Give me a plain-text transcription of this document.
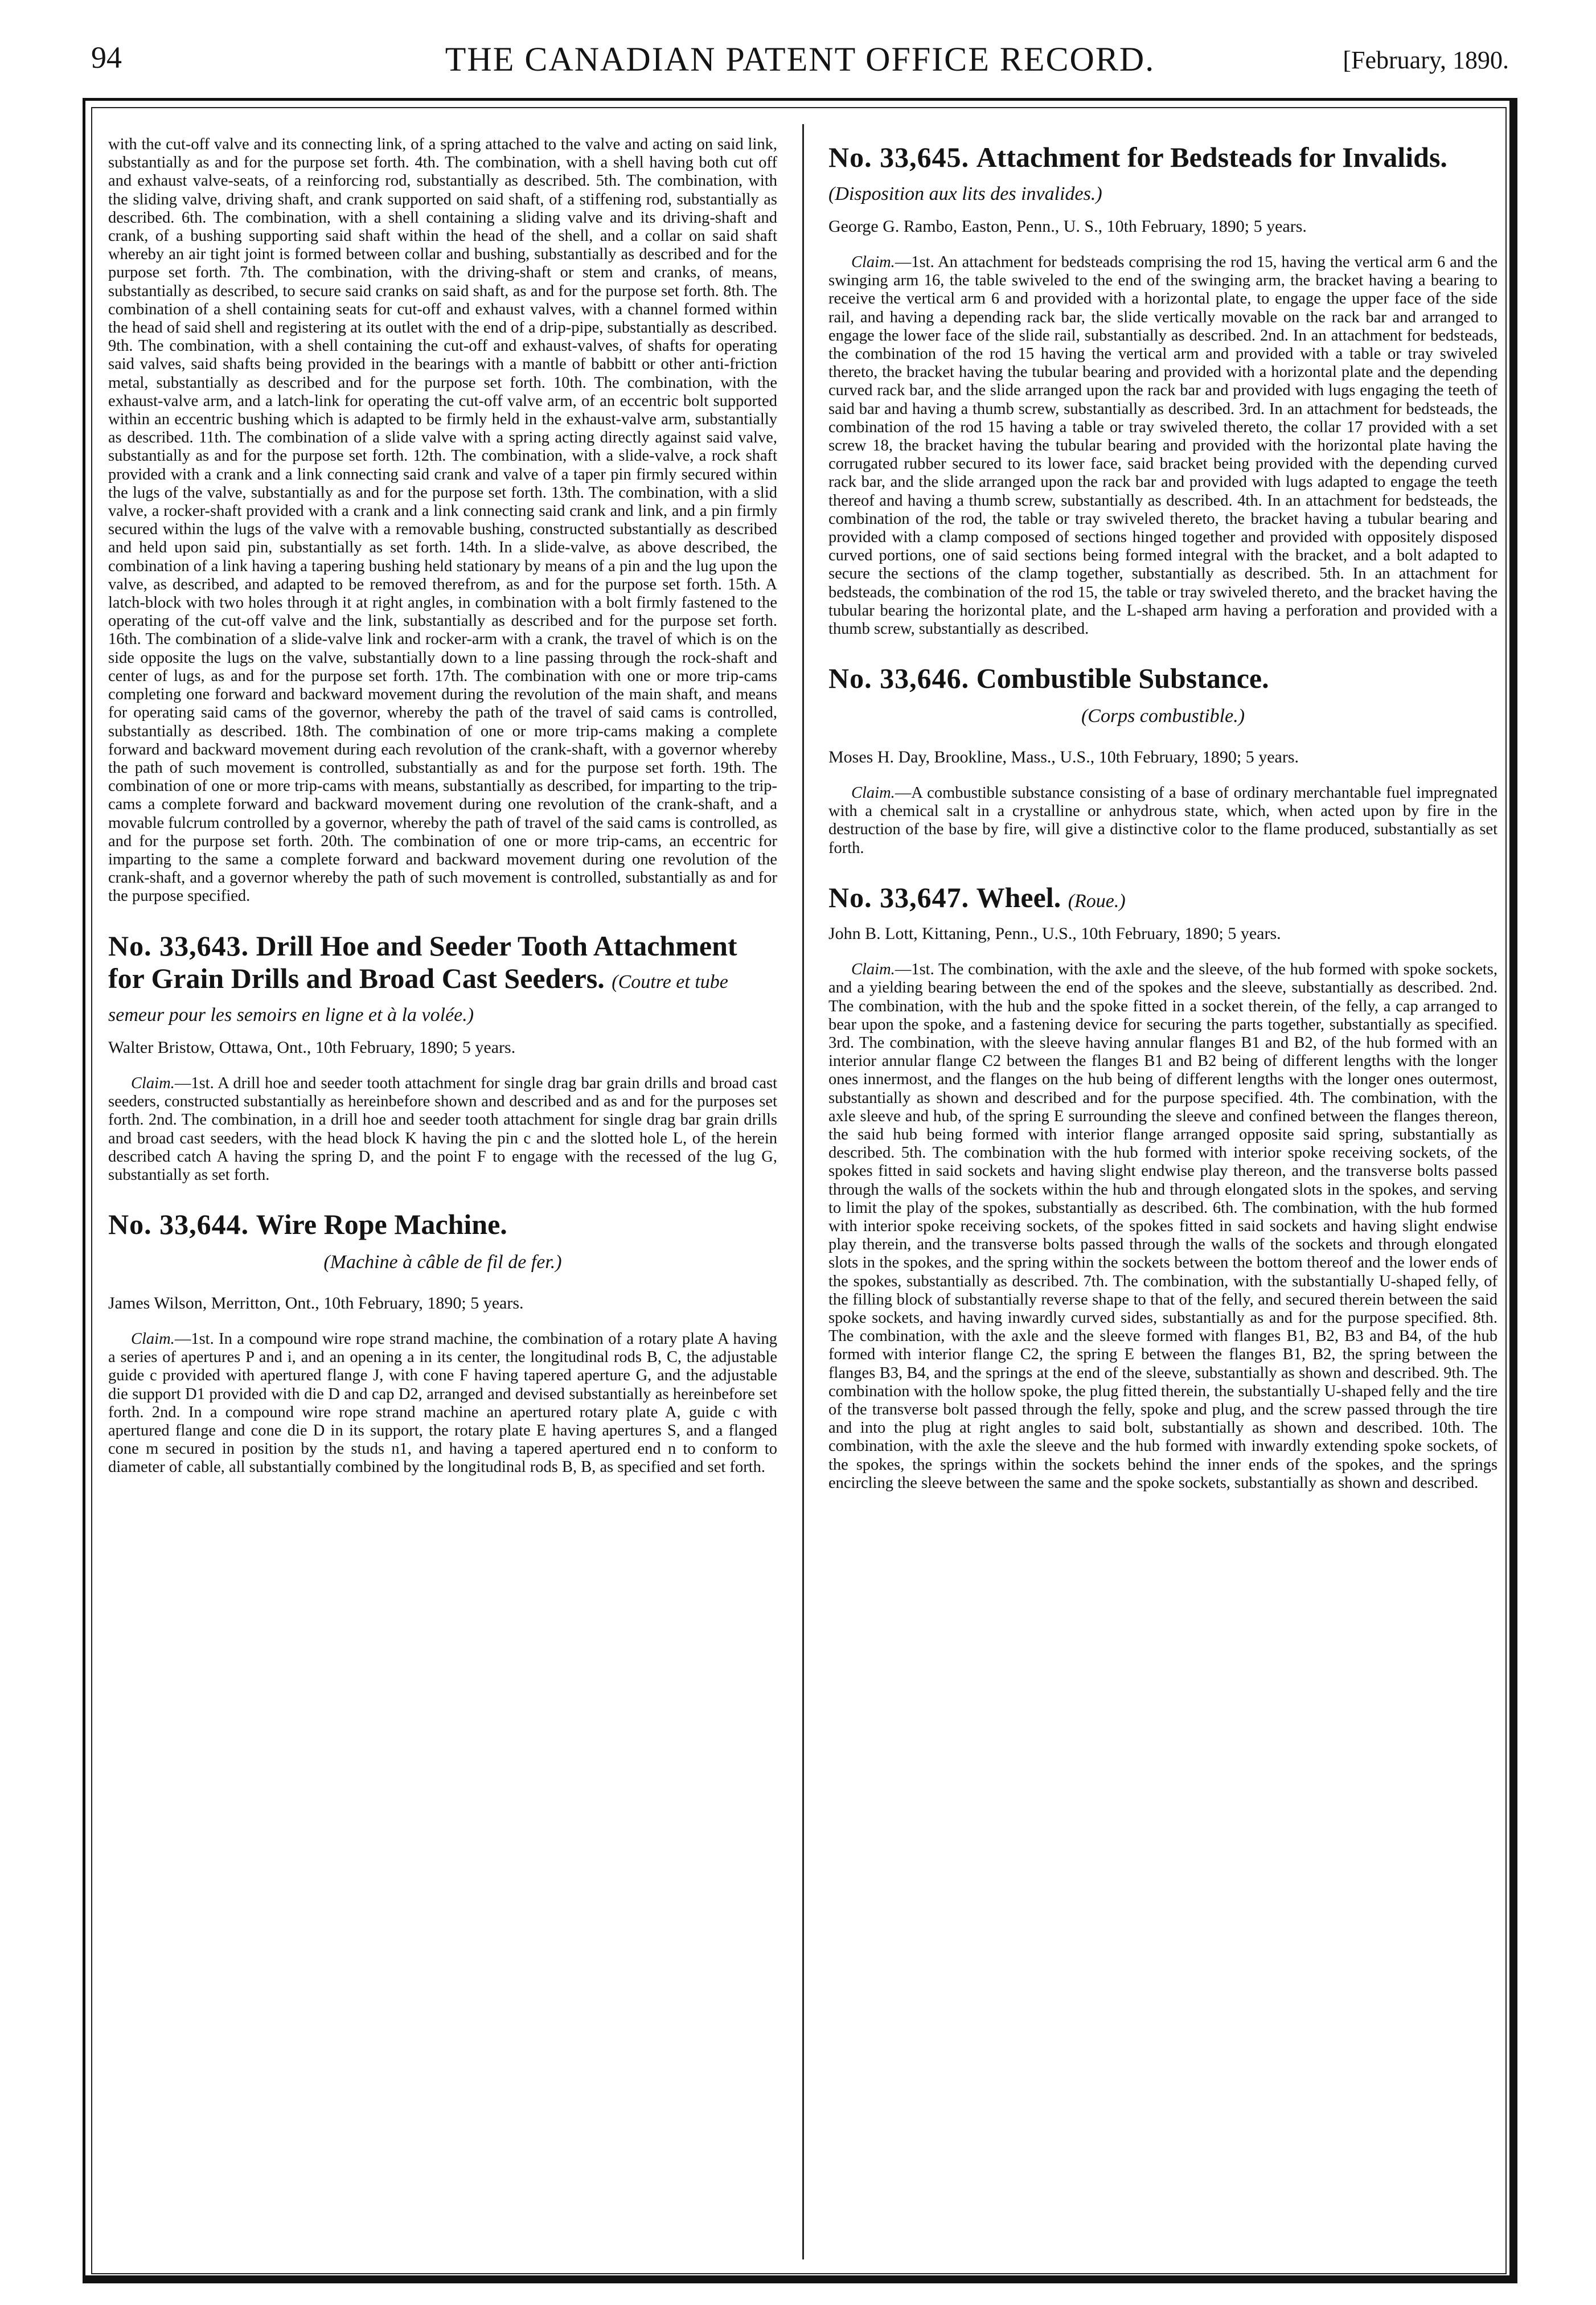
94	THE CANADIAN PATENT OFFICE RECORD.	[February, 1890.

with the cut-off valve and its connecting link, of a spring attached to the valve and acting on said link, substantially as and for the purpose set forth. 4th. The combination, with a shell having both cut off and exhaust valve-seats, of a reinforcing rod, substantially as described. 5th. The combination, with the sliding valve, driving shaft, and crank supported on said shaft, of a stiffening rod, substantially as described. 6th. The combination, with a shell containing a sliding valve and its driving-shaft and crank, of a bushing supporting said shaft within the head of the shell, and a collar on said shaft whereby an air tight joint is formed between collar and bushing, substantially as described and for the purpose set forth. 7th. The combination, with the driving-shaft or stem and cranks, of means, substantially as described, to secure said cranks on said shaft, as and for the purpose set forth. 8th. The combination of a shell containing seats for cut-off and exhaust valves, with a channel formed within the head of said shell and registering at its outlet with the end of a drip-pipe, substantially as described. 9th. The combination, with a shell containing the cut-off and exhaust-valves, of shafts for operating said valves, said shafts being provided in the bearings with a mantle of babbitt or other anti-friction metal, substantially as described and for the purpose set forth. 10th. The combination, with the exhaust-valve arm, and a latch-link for operating the cut-off valve arm, of an eccentric bolt supported within an eccentric bushing which is adapted to be firmly held in the exhaust-valve arm, substantially as described. 11th. The combination of a slide valve with a spring acting directly against said valve, substantially as and for the purpose set forth. 12th. The combination, with a slide-valve, a rock shaft provided with a crank and a link connecting said crank and valve of a taper pin firmly secured within the lugs of the valve, substantially as and for the purpose set forth. 13th. The combination, with a slid valve, a rocker-shaft provided with a crank and a link connecting said crank and link, and a pin firmly secured within the lugs of the valve with a removable bushing, constructed substantially as described and held upon said pin, substantially as set forth. 14th. In a slide-valve, as above described, the combination of a link having a tapering bushing held stationary by means of a pin and the lug upon the valve, as described, and adapted to be removed therefrom, as and for the purpose set forth. 15th. A latch-block with two holes through it at right angles, in combination with a bolt firmly fastened to the operating of the cut-off valve and the link, substantially as described and for the purpose set forth. 16th. The combination of a slide-valve link and rocker-arm with a crank, the travel of which is on the side opposite the lugs on the valve, substantially down to a line passing through the rock-shaft and center of lugs, as and for the purpose set forth. 17th. The combination with one or more trip-cams completing one forward and backward movement during the revolution of the main shaft, and means for operating said cams of the governor, whereby the path of the travel of said cams is controlled, substantially as described. 18th. The combination of one or more trip-cams making a complete forward and backward movement during each revolution of the crank-shaft, with a governor whereby the path of such movement is controlled, substantially as and for the purpose set forth. 19th. The combination of one or more trip-cams with means, substantially as described, for imparting to the trip-cams a complete forward and backward movement during one revolution of the crank-shaft, and a movable fulcrum controlled by a governor, whereby the path of travel of the said cams is controlled, as and for the purpose set forth. 20th. The combination of one or more trip-cams, an eccentric for imparting to the same a complete forward and backward movement during one revolution of the crank-shaft, and a governor whereby the path of such movement is controlled, substantially as and for the purpose specified.

No. 33,643. Drill Hoe and Seeder Tooth Attachment for Grain Drills and Broad Cast Seeders. (Coutre et tube semeur pour les semoirs en ligne et à la volée.)

Walter Bristow, Ottawa, Ont., 10th February, 1890; 5 years.

Claim.—1st. A drill hoe and seeder tooth attachment for single drag bar grain drills and broad cast seeders, constructed substantially as hereinbefore shown and described and as and for the purposes set forth. 2nd. The combination, in a drill hoe and seeder tooth attachment for single drag bar grain drills and broad cast seeders, with the head block K having the pin c and the slotted hole L, of the herein described catch A having the spring D, and the point F to engage with the recessed of the lug G, substantially as set forth.

No. 33,644. Wire Rope Machine.

(Machine à câble de fil de fer.)

James Wilson, Merritton, Ont., 10th February, 1890; 5 years.

Claim.—1st. In a compound wire rope strand machine, the combination of a rotary plate A having a series of apertures P and i, and an opening a in its center, the longitudinal rods B, C, the adjustable guide c provided with apertured flange J, with cone F having tapered aperture G, and the adjustable die support D1 provided with die D and cap D2, arranged and devised substantially as hereinbefore set forth. 2nd. In a compound wire rope strand machine an apertured rotary plate A, guide c with apertured flange and cone die D in its support, the rotary plate E having apertures S, and a flanged cone m secured in position by the studs n1, and having a tapered apertured end n to conform to diameter of cable, all substantially combined by the longitudinal rods B, B, as specified and set forth.

No. 33,645. Attachment for Bedsteads for Invalids. (Disposition aux lits des invalides.)

George G. Rambo, Easton, Penn., U. S., 10th February, 1890; 5 years.

Claim.—1st. An attachment for bedsteads comprising the rod 15, having the vertical arm 6 and the swinging arm 16, the table swiveled to the end of the swinging arm, the bracket having a bearing to receive the vertical arm 6 and provided with a horizontal plate, to engage the upper face of the side rail, and having a depending rack bar, the slide vertically movable on the rack bar and arranged to engage the lower face of the slide rail, substantially as described. 2nd. In an attachment for bedsteads, the combination of the rod 15 having the vertical arm and provided with a table or tray swiveled thereto, the bracket having the tubular bearing and provided with a horizontal plate and the depending curved rack bar, and the slide arranged upon the rack bar and provided with lugs engaging the teeth of said bar and having a thumb screw, substantially as described. 3rd. In an attachment for bedsteads, the combination of the rod 15 having a table or tray swiveled thereto, the collar 17 provided with a set screw 18, the bracket having the tubular bearing and provided with the horizontal plate having the corrugated rubber secured to its lower face, said bracket being provided with the depending curved rack bar, and the slide arranged upon the rack bar and provided with lugs adapted to engage the teeth thereof and having a thumb screw, substantially as described. 4th. In an attachment for bedsteads, the combination of the rod, the table or tray swiveled thereto, the bracket having a tubular bearing and provided with a clamp composed of sections hinged together and provided with oppositely disposed curved portions, one of said sections being formed integral with the bracket, and a bolt adapted to secure the sections of the clamp together, substantially as described. 5th. In an attachment for bedsteads, the combination of the rod 15, the table or tray swiveled thereto, and the bracket having the tubular bearing the horizontal plate, and the L-shaped arm having a perforation and provided with a thumb screw, substantially as described.

No. 33,646. Combustible Substance.

(Corps combustible.)

Moses H. Day, Brookline, Mass., U.S., 10th February, 1890; 5 years.

Claim.—A combustible substance consisting of a base of ordinary merchantable fuel impregnated with a chemical salt in a crystalline or anhydrous state, which, when acted upon by fire in the destruction of the base by fire, will give a distinctive color to the flame produced, substantially as set forth.

No. 33,647. Wheel. (Roue.)

John B. Lott, Kittaning, Penn., U.S., 10th February, 1890; 5 years.

Claim.—1st. The combination, with the axle and the sleeve, of the hub formed with spoke sockets, and a yielding bearing between the end of the spokes and the sleeve, substantially as described. 2nd. The combination, with the hub and the spoke fitted in a socket therein, of the felly, a cap arranged to bear upon the spoke, and a fastening device for securing the parts together, substantially as specified. 3rd. The combination, with the sleeve having annular flanges B1 and B2, of the hub formed with an interior annular flange C2 between the flanges B1 and B2 being of different lengths with the longer ones innermost, and the flanges on the hub being of different lengths with the longer ones outermost, substantially as shown and described and for the purpose specified. 4th. The combination, with the axle sleeve and hub, of the spring E surrounding the sleeve and confined between the flanges thereon, the said hub being formed with interior flange arranged opposite said spring, substantially as described. 5th. The combination with the hub formed with interior spoke receiving sockets, of the spokes fitted in said sockets and having slight endwise play thereon, and the transverse bolts passed through the walls of the sockets within the hub and through elongated slots in the spokes, and serving to limit the play of the spokes, substantially as described. 6th. The combination, with the hub formed with interior spoke receiving sockets, of the spokes fitted in said sockets and having slight endwise play therein, and the transverse bolts passed through the walls of the sockets and through elongated slots in the spokes, and the spring within the sockets between the bottom thereof and the lower ends of the spokes, substantially as described. 7th. The combination, with the substantially U-shaped felly, of the filling block of substantially reverse shape to that of the felly, and secured therein between the said spoke sockets, and having inwardly curved sides, substantially as and for the purpose specified. 8th. The combination, with the axle and the sleeve formed with flanges B1, B2, B3 and B4, of the hub formed with interior flange C2, the spring E between the flanges B1, B2, the spring between the flanges B3, B4, and the springs at the end of the sleeve, substantially as shown and described. 9th. The combination with the hollow spoke, the plug fitted therein, the substantially U-shaped felly and the tire of the transverse bolt passed through the felly, spoke and plug, and the screw passed through the tire and into the plug at right angles to said bolt, substantially as shown and described. 10th. The combination, with the axle the sleeve and the hub formed with inwardly extending spoke sockets, of the spokes, the springs within the sockets behind the inner ends of the spokes, and the springs encircling the sleeve between the same and the spoke sockets, substantially as shown and described.
